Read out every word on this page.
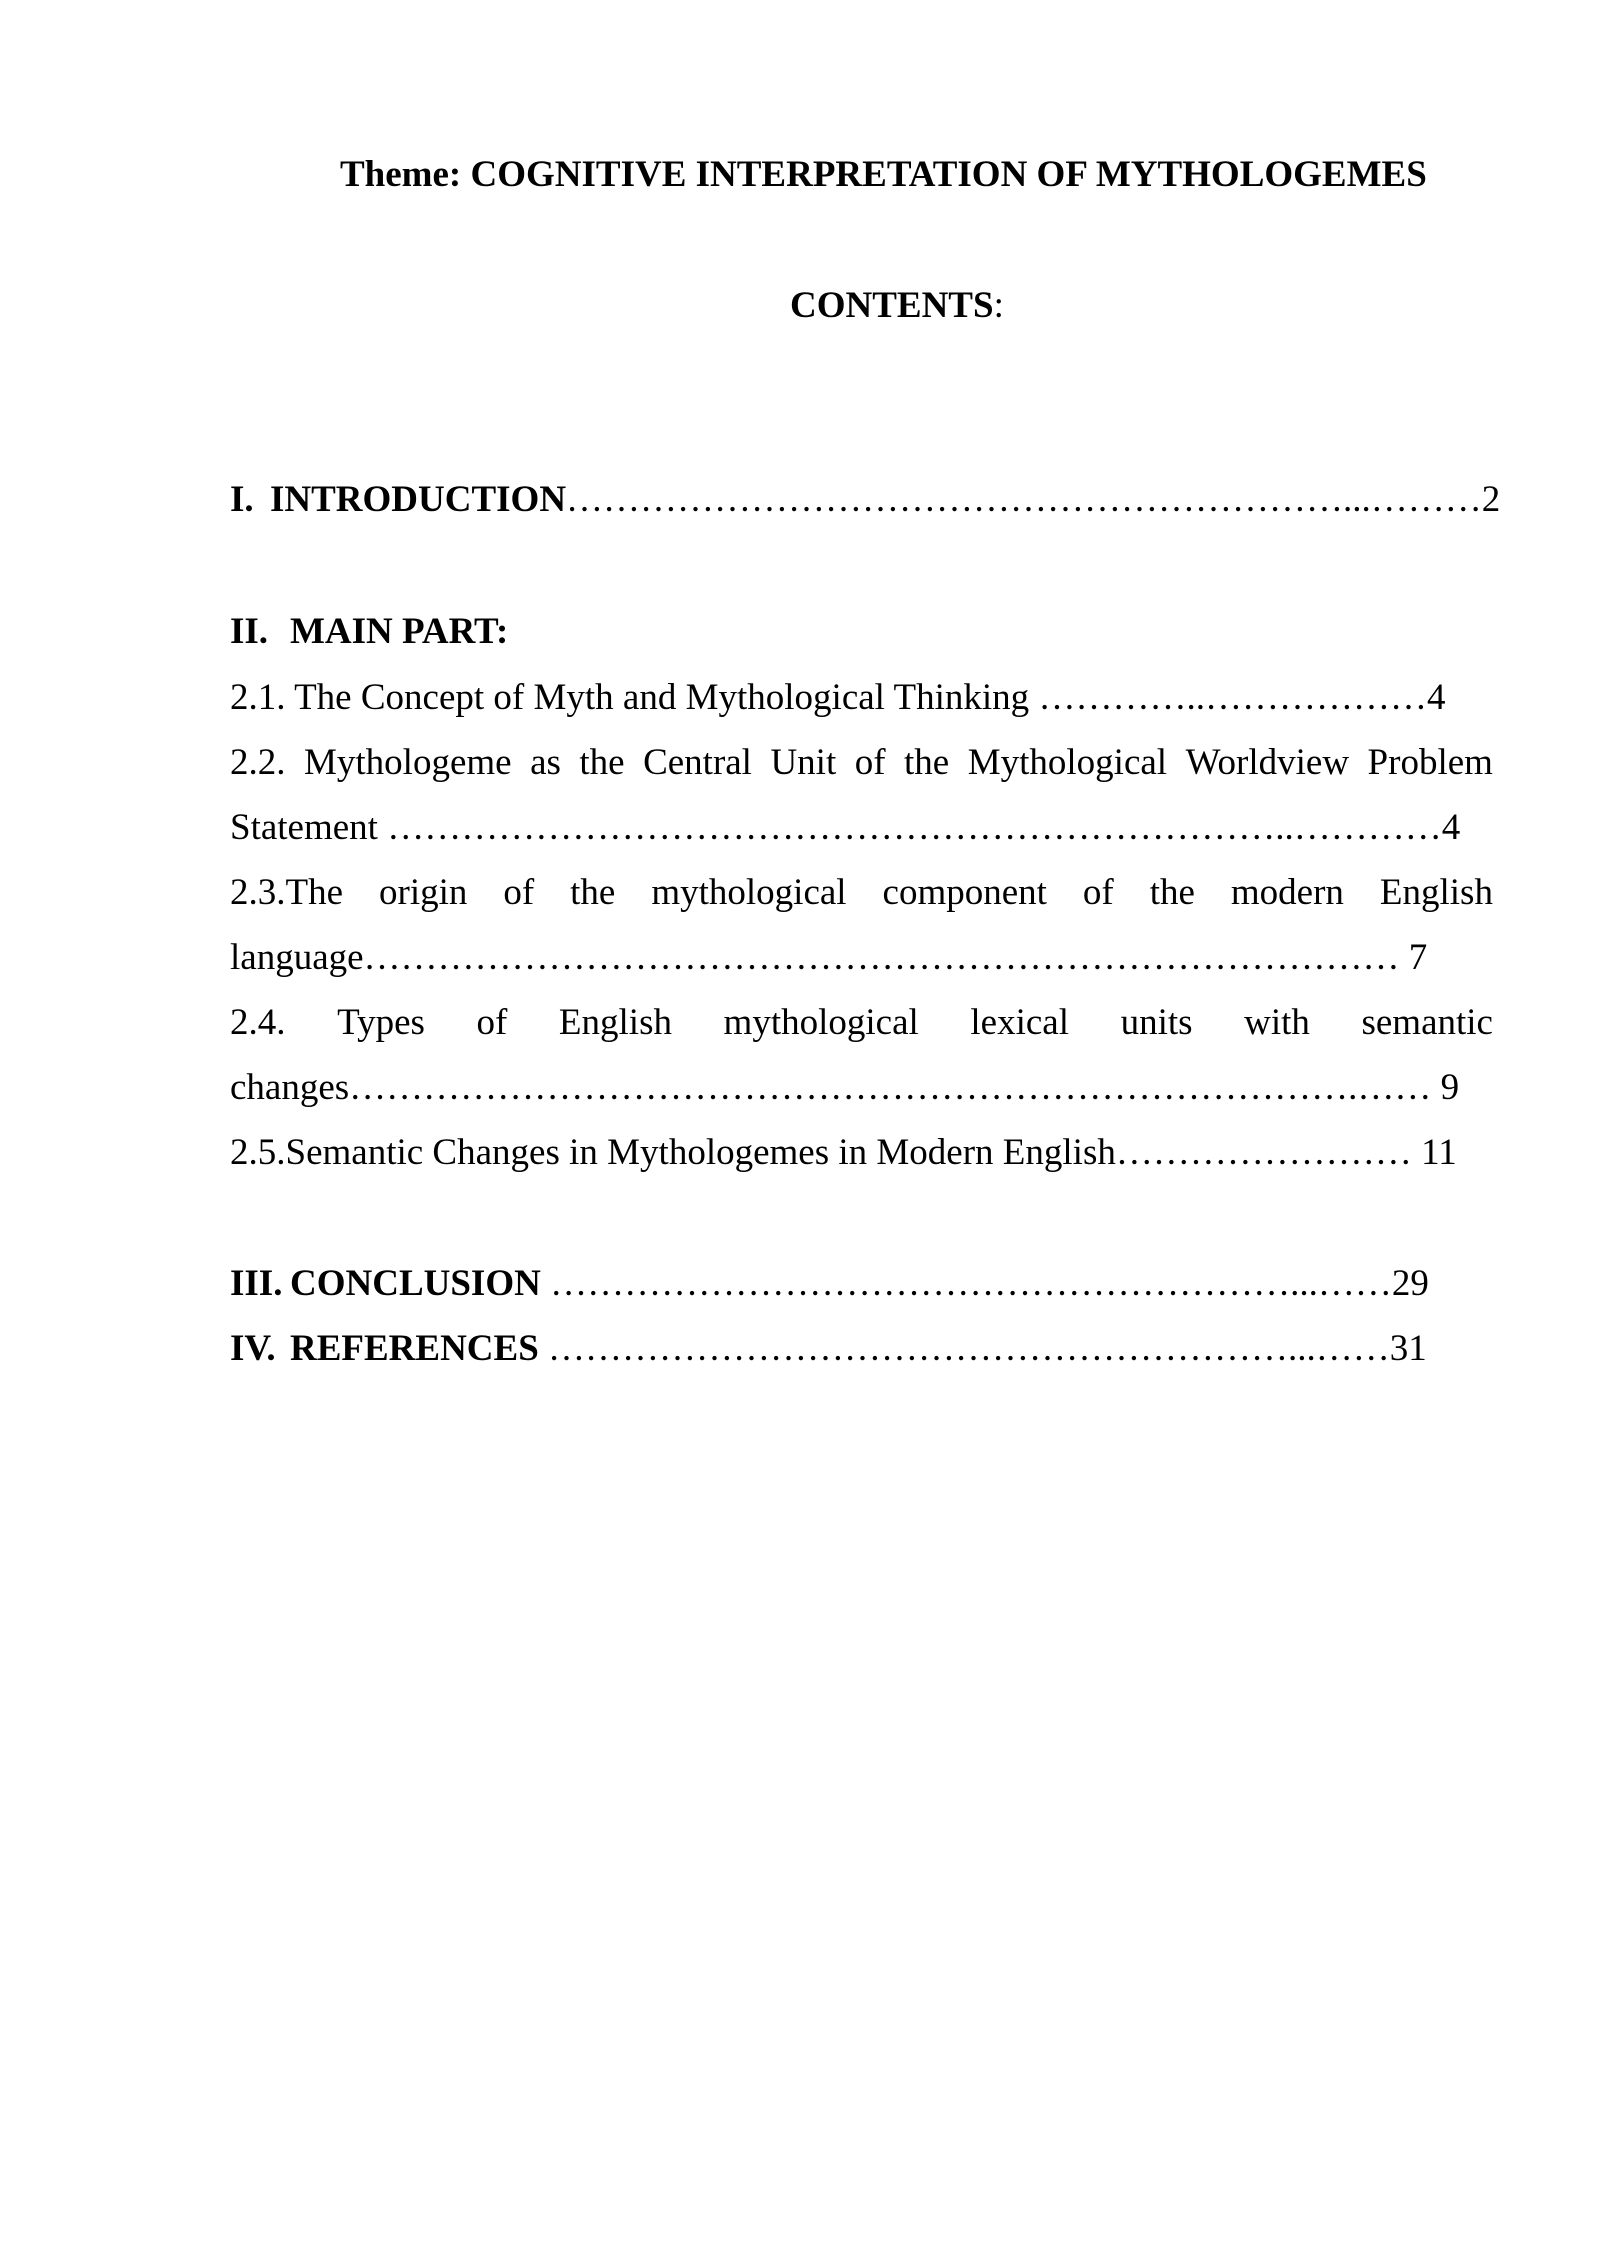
Theme: COGNITIVE INTERPRETATION OF MYTHOLOGEMES
CONTENTS:
I. INTRODUCTION………………………………………………………...………2
II. MAIN PART:
2.1. The Concept of Myth and Mythological Thinking …………..………………4
2.2. Mythologeme as the Central Unit of the Mythological Worldview Problem
Statement ………………………………………………………………..…………4
2.3.The origin of the mythological component of the modern English
language………………………………………………………………………… 7
2.4. Types of English mythological lexical units with semantic
changes……………………………………………………………………….…… 9
2.5.Semantic Changes in Mythologemes in Modern English…………………… 11
III. CONCLUSION ……………………………………………………...……29
IV. REFERENCES ……………………………………………………...……31
